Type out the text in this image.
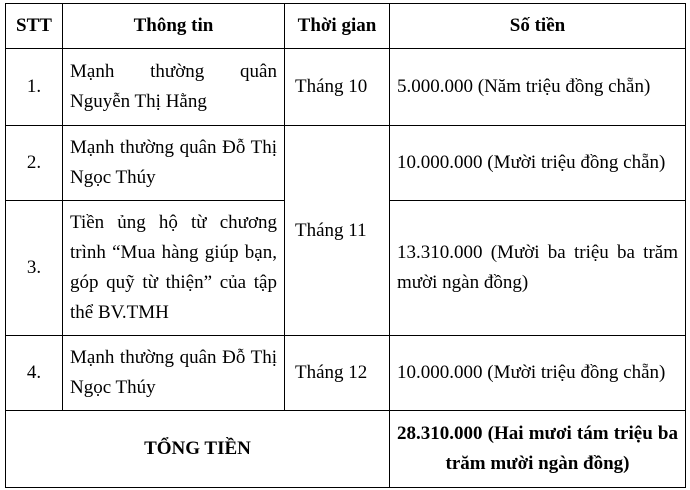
STT	Thông tin	Thời gian	Số tiền
1.	Mạnh thường quân Nguyễn Thị Hằng	Tháng 10	5.000.000 (Năm triệu đồng chẵn)
2.	Mạnh thường quân Đỗ Thị Ngọc Thúy	Tháng 11	10.000.000 (Mười triệu đồng chẵn)
3.	Tiền ủng hộ từ chương trình “Mua hàng giúp bạn, góp quỹ từ thiện” của tập thể BV.TMH		13.310.000 (Mười ba triệu ba trăm mười ngàn đồng)
4.	Mạnh thường quân Đỗ Thị Ngọc Thúy	Tháng 12	10.000.000 (Mười triệu đồng chẵn)
TỔNG TIỀN			28.310.000 (Hai mươi tám triệu ba trăm mười ngàn đồng)
